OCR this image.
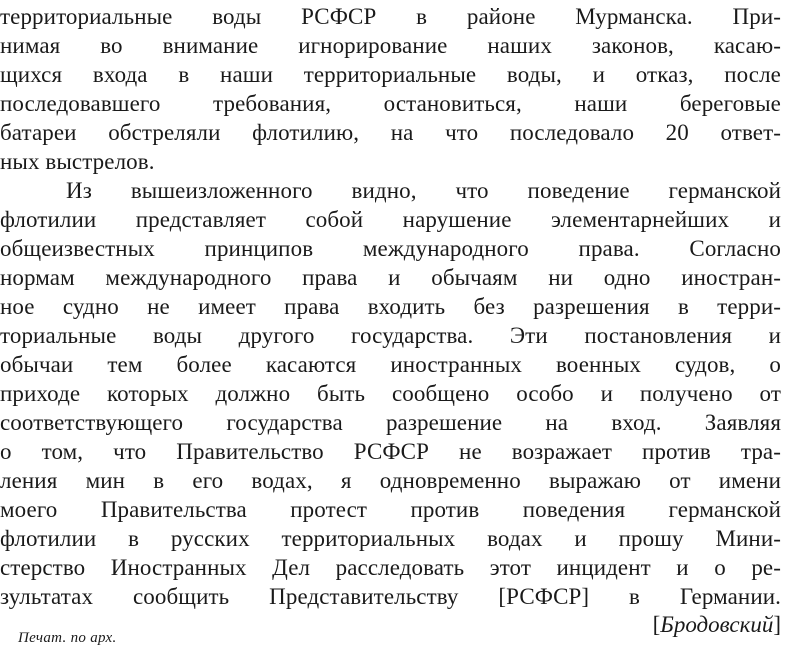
территориальные воды РСФСР в районе Мурманска. При-
нимая во внимание игнорирование наших законов, касаю-
щихся входа в наши территориальные воды, и отказ, после
последовавшего требования, остановиться, наши береговые
батареи обстреляли флотилию, на что последовало 20 ответ-
ных выстрелов.
Из вышеизложенного видно, что поведение германской
флотилии представляет собой нарушение элементарнейших и
общеизвестных принципов международного права. Согласно
нормам международного права и обычаям ни одно иностран-
ное судно не имеет права входить без разрешения в терри-
ториальные воды другого государства. Эти постановления и
обычаи тем более касаются иностранных военных судов, о
приходе которых должно быть сообщено особо и получено от
соответствующего государства разрешение на вход. Заявляя
о том, что Правительство РСФСР не возражает против тра-
ления мин в его водах, я одновременно выражаю от имени
моего Правительства протест против поведения германской
флотилии в русских территориальных водах и прошу Мини-
стерство Иностранных Дел расследовать этот инцидент и о ре-
зультатах сообщить Представительству [РСФСР] в Германии.
[Бродовский]
Печат. по арх.
